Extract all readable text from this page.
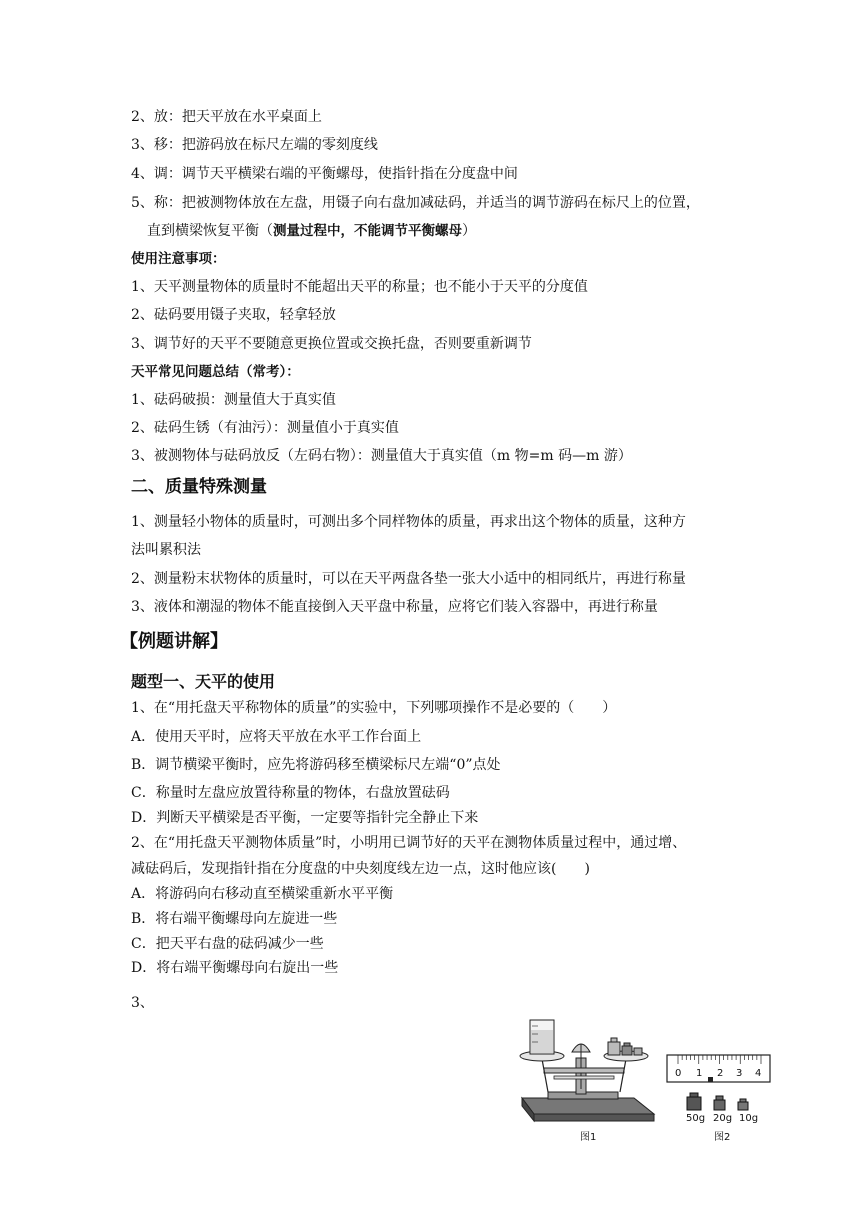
2、放：把天平放在水平桌面上
3、移：把游码放在标尺左端的零刻度线
4、调：调节天平横梁右端的平衡螺母，使指针指在分度盘中间
5、称：把被测物体放在左盘，用镊子向右盘加减砝码，并适当的调节游码在标尺上的位置，
直到横梁恢复平衡（测量过程中，不能调节平衡螺母）
使用注意事项：
1、天平测量物体的质量时不能超出天平的称量；也不能小于天平的分度值
2、砝码要用镊子夹取，轻拿轻放
3、调节好的天平不要随意更换位置或交换托盘，否则要重新调节
天平常见问题总结（常考）：
1、砝码破损：测量值大于真实值
2、砝码生锈（有油污）：测量值小于真实值
3、被测物体与砝码放反（左码右物）：测量值大于真实值（m 物=m 码—m 游）
二、质量特殊测量
1、测量轻小物体的质量时，可测出多个同样物体的质量，再求出这个物体的质量，这种方
法叫累积法
2、测量粉末状物体的质量时，可以在天平两盘各垫一张大小适中的相同纸片，再进行称量
3、液体和潮湿的物体不能直接倒入天平盘中称量，应将它们装入容器中，再进行称量
【例题讲解】
题型一、天平的使用
1、在“用托盘天平称物体的质量”的实验中，下列哪项操作不是必要的（　　）
A．使用天平时，应将天平放在水平工作台面上
B．调节横梁平衡时，应先将游码移至横梁标尺左端“0”点处
C．称量时左盘应放置待称量的物体，右盘放置砝码
D．判断天平横梁是否平衡，一定要等指针完全静止下来
2、在“用托盘天平测物体质量”时，小明用已调节好的天平在测物体质量过程中，通过增、
减砝码后，发现指针指在分度盘的中央刻度线左边一点，这时他应该(　　)
A．将游码向右移动直至横梁重新水平平衡
B．将右端平衡螺母向左旋进一些
C．把天平右盘的砝码减少一些
D．将右端平衡螺母向右旋出一些
3、
图1
0 1 2 3 4
50g 20g 10g
图2
